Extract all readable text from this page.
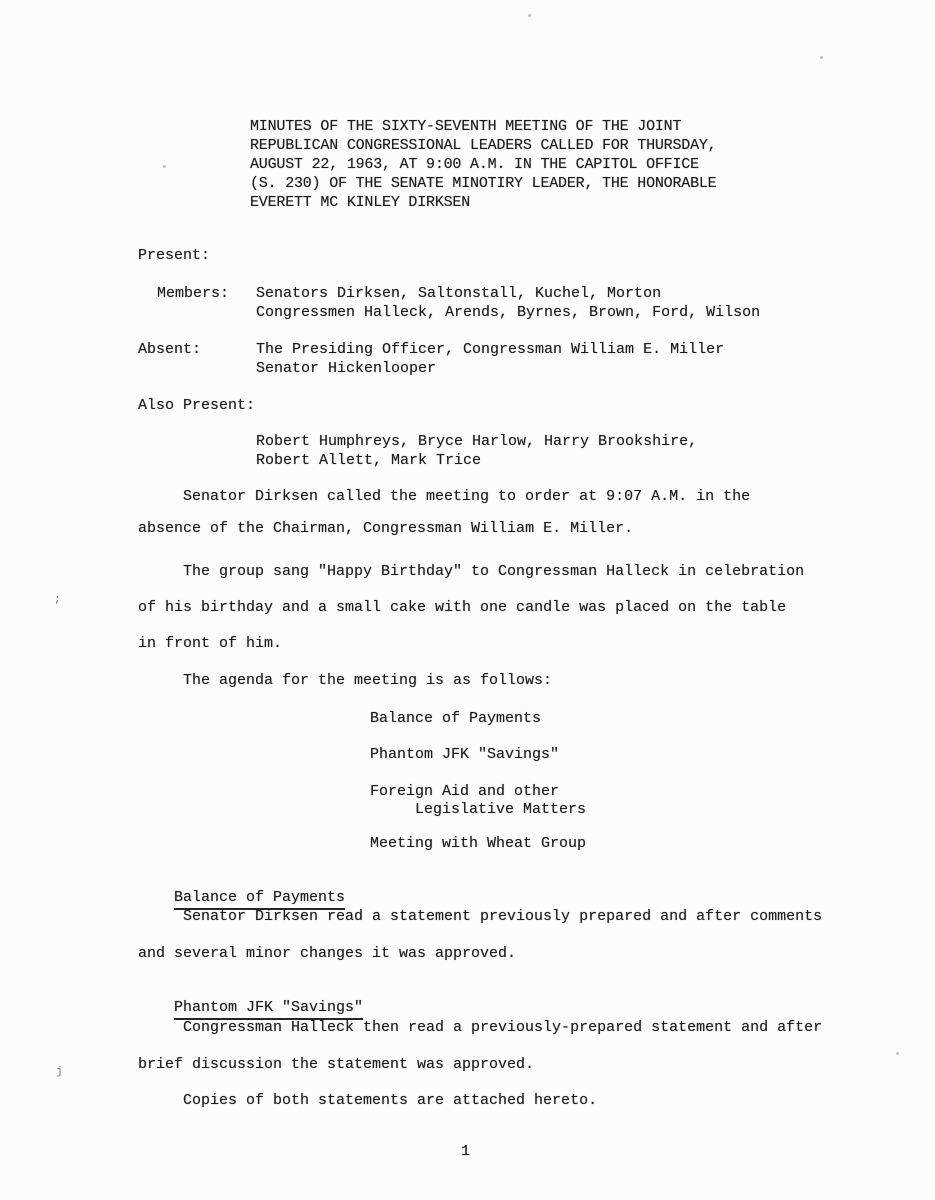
MINUTES OF THE SIXTY-SEVENTH MEETING OF THE JOINT
REPUBLICAN CONGRESSIONAL LEADERS CALLED FOR THURSDAY,
AUGUST 22, 1963, AT 9:00 A.M. IN THE CAPITOL OFFICE
(S. 230) OF THE SENATE MINOTIRY LEADER, THE HONORABLE
EVERETT MC KINLEY DIRKSEN
Present:
Members: Senators Dirksen, Saltonstall, Kuchel, Morton
Congressmen Halleck, Arends, Byrnes, Brown, Ford, Wilson
Absent:	The Presiding Officer, Congressman William E. Miller
Senator Hickenlooper
Also Present:
Robert Humphreys, Bryce Harlow, Harry Brookshire,
Robert Allett, Mark Trice
Senator Dirksen called the meeting to order at 9:07 A.M. in the
absence of the Chairman, Congressman William E. Miller.
The group sang "Happy Birthday" to Congressman Halleck in celebration
of his birthday and a small cake with one candle was placed on the table
in front of him.
The agenda for the meeting is as follows:
Balance of Payments
Phantom JFK "Savings"
Foreign Aid and other
Legislative Matters
Meeting with Wheat Group

Balance of Payments

Senator Dirksen read a statement previously prepared and after comments
and several minor changes it was approved.

Phantom JFK "Savings"

Congressman Halleck then read a previously-prepared statement and after
brief discussion the statement was approved.
Copies of both statements are attached hereto.
1
;
j
